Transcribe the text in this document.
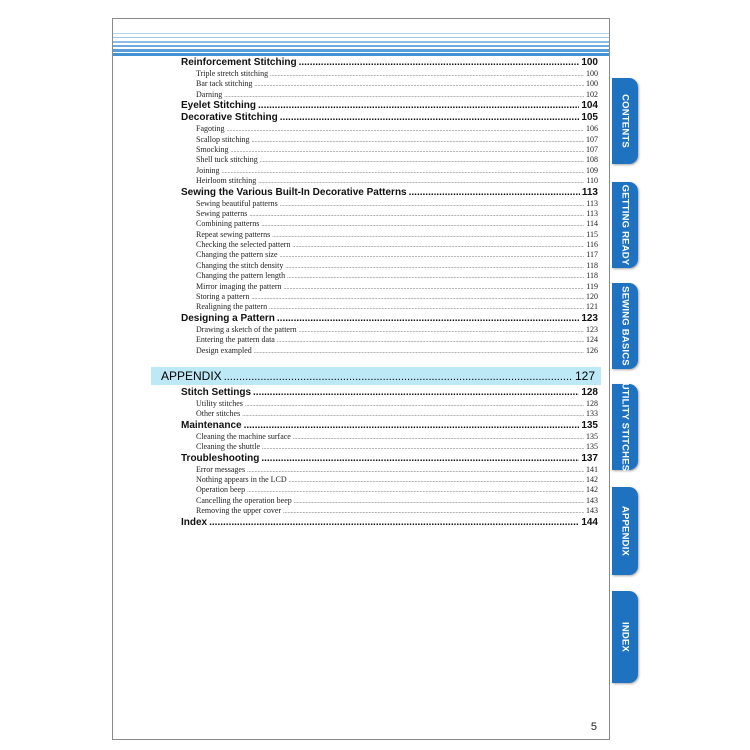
Reinforcement Stitching .....	100
Triple stretch stitching .....	100
Bar tack stitching .....	100
Darning .....	102
Eyelet Stitching .....	104
Decorative Stitching .....	105
Fagoting .....	106
Scallop stitching .....	107
Smocking .....	107
Shell tuck stitching .....	108
Joining .....	109
Heirloom stitching .....	110
Sewing the Various Built-In Decorative Patterns .....	113
Sewing beautiful patterns .....	113
Sewing patterns .....	113
Combining patterns .....	114
Repeat sewing patterns .....	115
Checking the selected pattern .....	116
Changing the pattern size .....	117
Changing the stitch density .....	118
Changing the pattern length .....	118
Mirror imaging the pattern .....	119
Storing a pattern .....	120
Realigning the pattern .....	121
Designing a Pattern .....	123
Drawing a sketch of the pattern .....	123
Entering the pattern data .....	124
Design exampled .....	126
APPENDIX .....	127
Stitch Settings .....	128
Utility stitches .....	128
Other stitches .....	133
Maintenance .....	135
Cleaning the machine surface .....	135
Cleaning the shuttle .....	135
Troubleshooting .....	137
Error messages .....	141
Nothing appears in the LCD .....	142
Operation beep .....	142
Cancelling the operation beep .....	143
Removing the upper cover .....	143
Index .....	144
5
CONTENTS
GETTING READY
SEWING BASICS
UTILITY STITCHES
APPENDIX
INDEX
